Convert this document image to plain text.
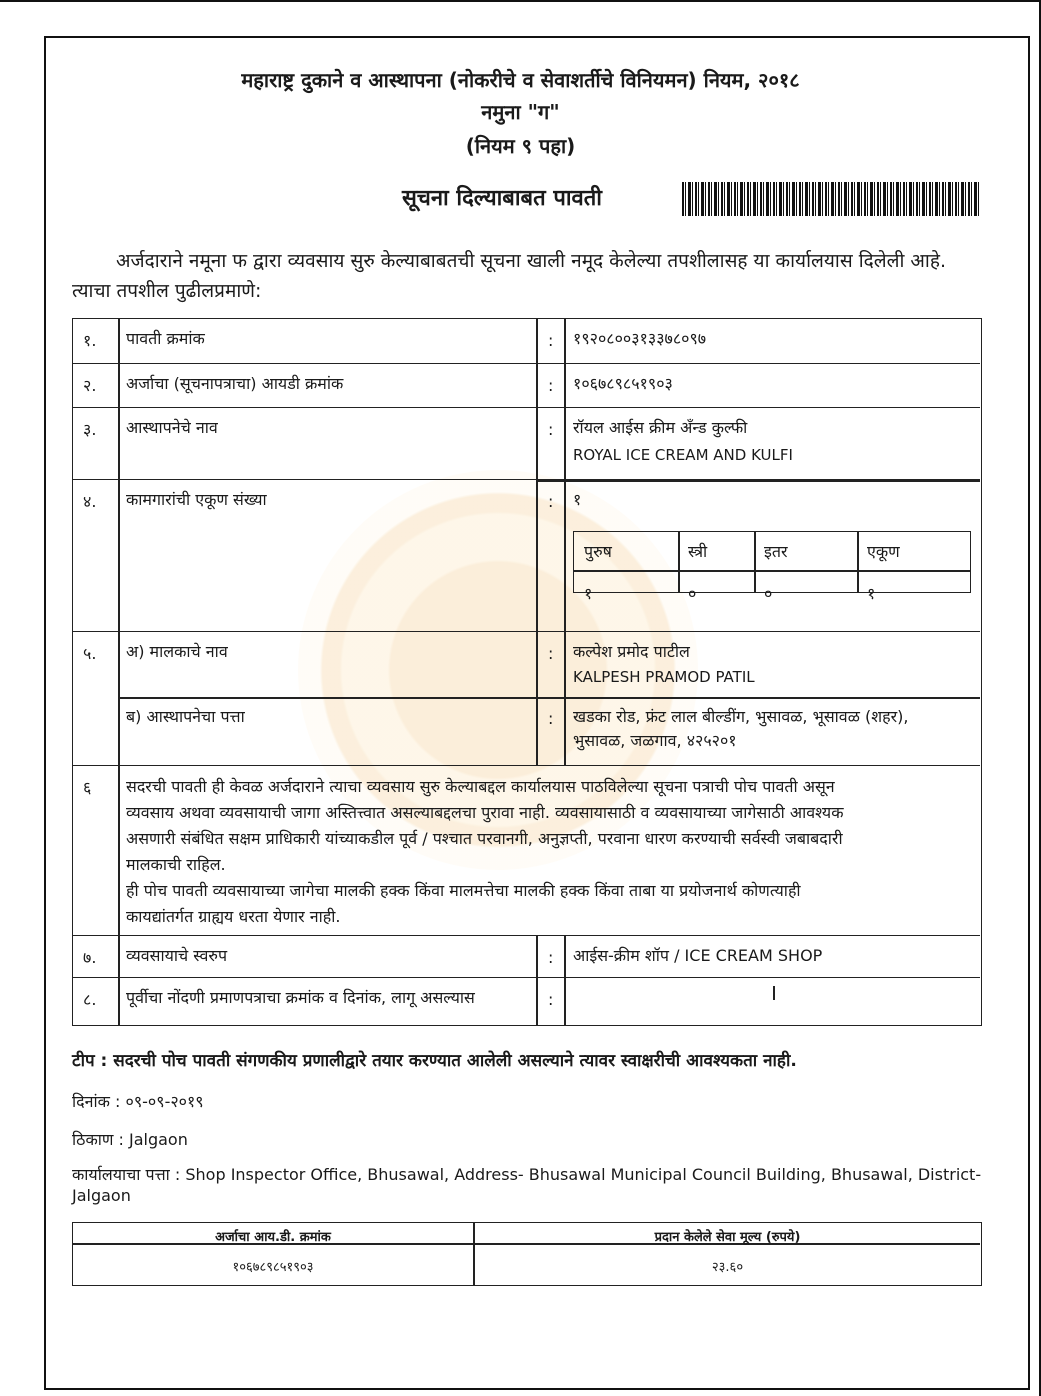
महाराष्ट्र दुकाने व आस्थापना (नोकरीचे व सेवाशर्तीचे विनियमन) नियम, २०१८
नमुना "ग"
(नियम ९ पहा)
सूचना दिल्याबाबत पावती
अर्जदाराने नमूना फ द्वारा व्यवसाय सुरु केल्याबाबतची सूचना खाली नमूद केलेल्या तपशीलासह या कार्यालयास दिलेली आहे. त्याचा तपशील पुढीलप्रमाणे:
१. पावती क्रमांक	: १९२०८००३१३३७८०९७
२. अर्जाचा (सूचनापत्राचा) आयडी क्रमांक	: १०६७८९८५१९०३
३. आस्थापनेचे नाव	: रॉयल आईस क्रीम अँन्ड कुल्फी
ROYAL ICE CREAM AND KULFI
४. कामगारांची एकूण संख्या	: १
पुरुष	स्त्री	इतर	एकूण
१	०	०	१
५. अ) मालकाचे नाव	: कल्पेश प्रमोद पाटील
KALPESH PRAMOD PATIL
ब) आस्थापनेचा पत्ता	: खडका रोड, फ्रंट लाल बील्डींग, भुसावळ, भूसावळ (शहर),
भुसावळ, जळगाव, ४२५२०१
६ सदरची पावती ही केवळ अर्जदाराने त्याचा व्यवसाय सुरु केल्याबद्दल कार्यालयास पाठविलेल्या सूचना पत्राची पोच पावती असून
व्यवसाय अथवा व्यवसायाची जागा अस्तित्त्वात असल्याबद्दलचा पुरावा नाही. व्यवसायासाठी व व्यवसायाच्या जागेसाठी आवश्यक
असणारी संबंधित सक्षम प्राधिकारी यांच्याकडील पूर्व / पश्चात परवानगी, अनुज्ञप्ती, परवाना धारण करण्याची सर्वस्वी जबाबदारी
मालकाची राहिल.
ही पोच पावती व्यवसायाच्या जागेचा मालकी हक्क किंवा मालमत्तेचा मालकी हक्क किंवा ताबा या प्रयोजनार्थ कोणत्याही
कायद्यांतर्गत ग्राह्यय धरता येणार नाही.
७. व्यवसायाचे स्वरुप	: आईस-क्रीम शॉप / ICE CREAM SHOP
८. पूर्वीचा नोंदणी प्रमाणपत्राचा क्रमांक व दिनांक, लागू असल्यास	:
टीप : सदरची पोच पावती संगणकीय प्रणालीद्वारे तयार करण्यात आलेली असल्याने त्यावर स्वाक्षरीची आवश्यकता नाही.
दिनांक : ०९-०९-२०१९
ठिकाण : Jalgaon
कार्यालयाचा पत्ता : Shop Inspector Office, Bhusawal, Address- Bhusawal Municipal Council Building, Bhusawal, District-Jalgaon
अर्जाचा आय.डी. क्रमांक	प्रदान केलेले सेवा मूल्य (रुपये)
१०६७८९८५१९०३	२३.६०
